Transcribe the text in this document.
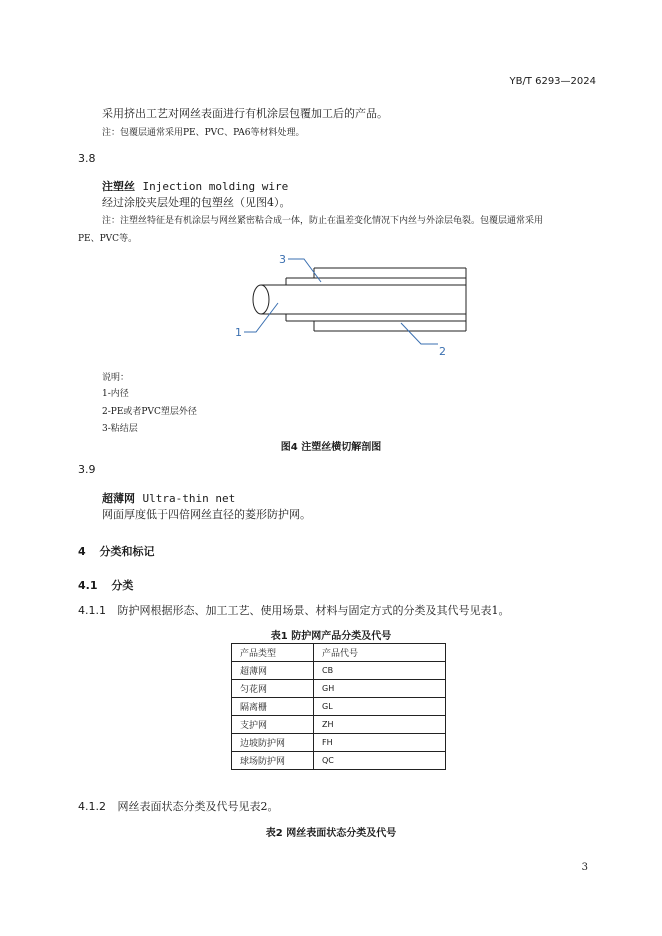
YB/T 6293—2024
采用挤出工艺对网丝表面进行有机涂层包覆加工后的产品。
注：包覆层通常采用PE、PVC、PA6等材料处理。
3.8
注塑丝 Injection molding wire
经过涂胶夹层处理的包塑丝（见图4）。
注：注塑丝特征是有机涂层与网丝紧密粘合成一体，防止在温差变化情况下内丝与外涂层龟裂。包覆层通常采用
PE、PVC等。
3
1
2
说明：
1-内径
2-PE或者PVC塑层外径
3-粘结层
图4 注塑丝横切解剖图
3.9
超薄网 Ultra-thin net
网面厚度低于四倍网丝直径的菱形防护网。
4 分类和标记
4.1 分类
4.1.1 防护网根据形态、加工工艺、使用场景、材料与固定方式的分类及其代号见表1。
表1 防护网产品分类及代号
产品类型	产品代号
超薄网	CB
匀花网	GH
隔离栅	GL
支护网	ZH
边坡防护网	FH
球场防护网	QC
4.1.2 网丝表面状态分类及代号见表2。
表2 网丝表面状态分类及代号
3
